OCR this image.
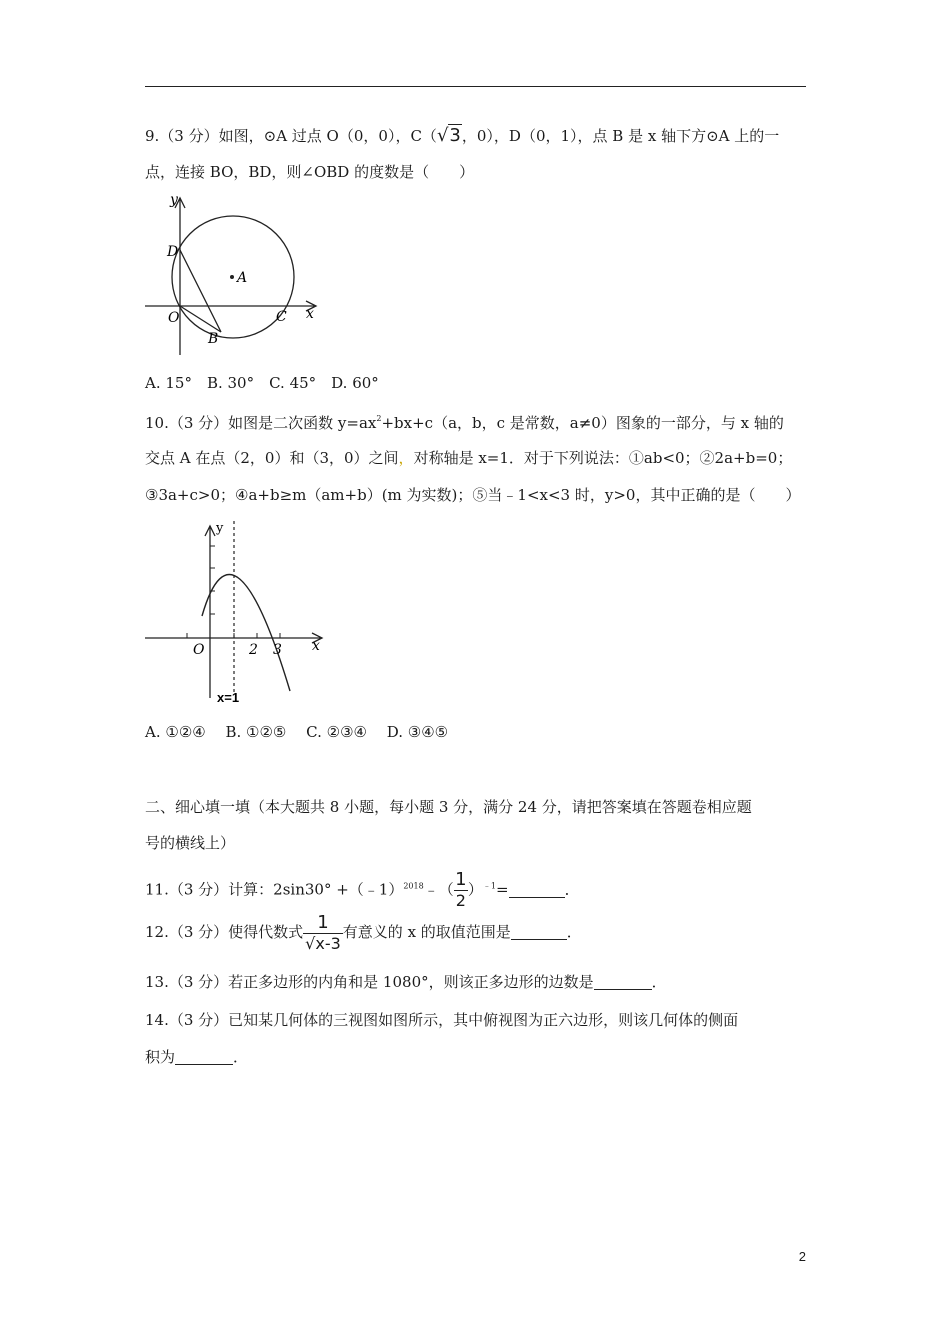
9.（3 分）如图，⊙A 过点 O（0，0），C（√3，0），D（0，1），点 B 是 x 轴下方⊙A 上的一
点，连接 BO，BD，则∠OBD 的度数是（　　）
y
D
A
O	C x
B
A. 15°　B. 30°　C. 45°　D. 60°
10.（3 分）如图是二次函数 $y=ax^2+bx+c(a$，b，c 是常数，a≠0）图象的一部分，与 x 轴的
交点 A 在点（2，0）和（3，0）之间，对称轴是 x=1．对于下列说法：①ab<0；②2a+b=0；
③3a+c>0；④a+b≥m（am+b）(m 为实数)；⑤当﹣1<x<3 时，y>0，其中正确的是（　　）
y
O	2 3 x
x=1
A. ①②④　 B. ①②⑤　 C. ②③④　 D. ③④⑤
二、细心填一填（本大题共 8 小题，每小题 3 分，满分 24 分，请把答案填在答题卷相应题
号的横线上）
11.（3 分）计算：2sin30° +（﹣1）$^{2018}$﹣（ $\frac{1}{2} )^{﹣1}=$	．
12.（3 分）使得代数式 $\frac{1}{√x-3}$ 有意义的 x 的取值范围是	．
13.（3 分）若正多边形的内角和是 1080°，则该正多边形的边数是	．
14.（3 分）已知某几何体的三视图如图所示，其中俯视图为正六边形，则该几何体的侧面
积为	．
2
